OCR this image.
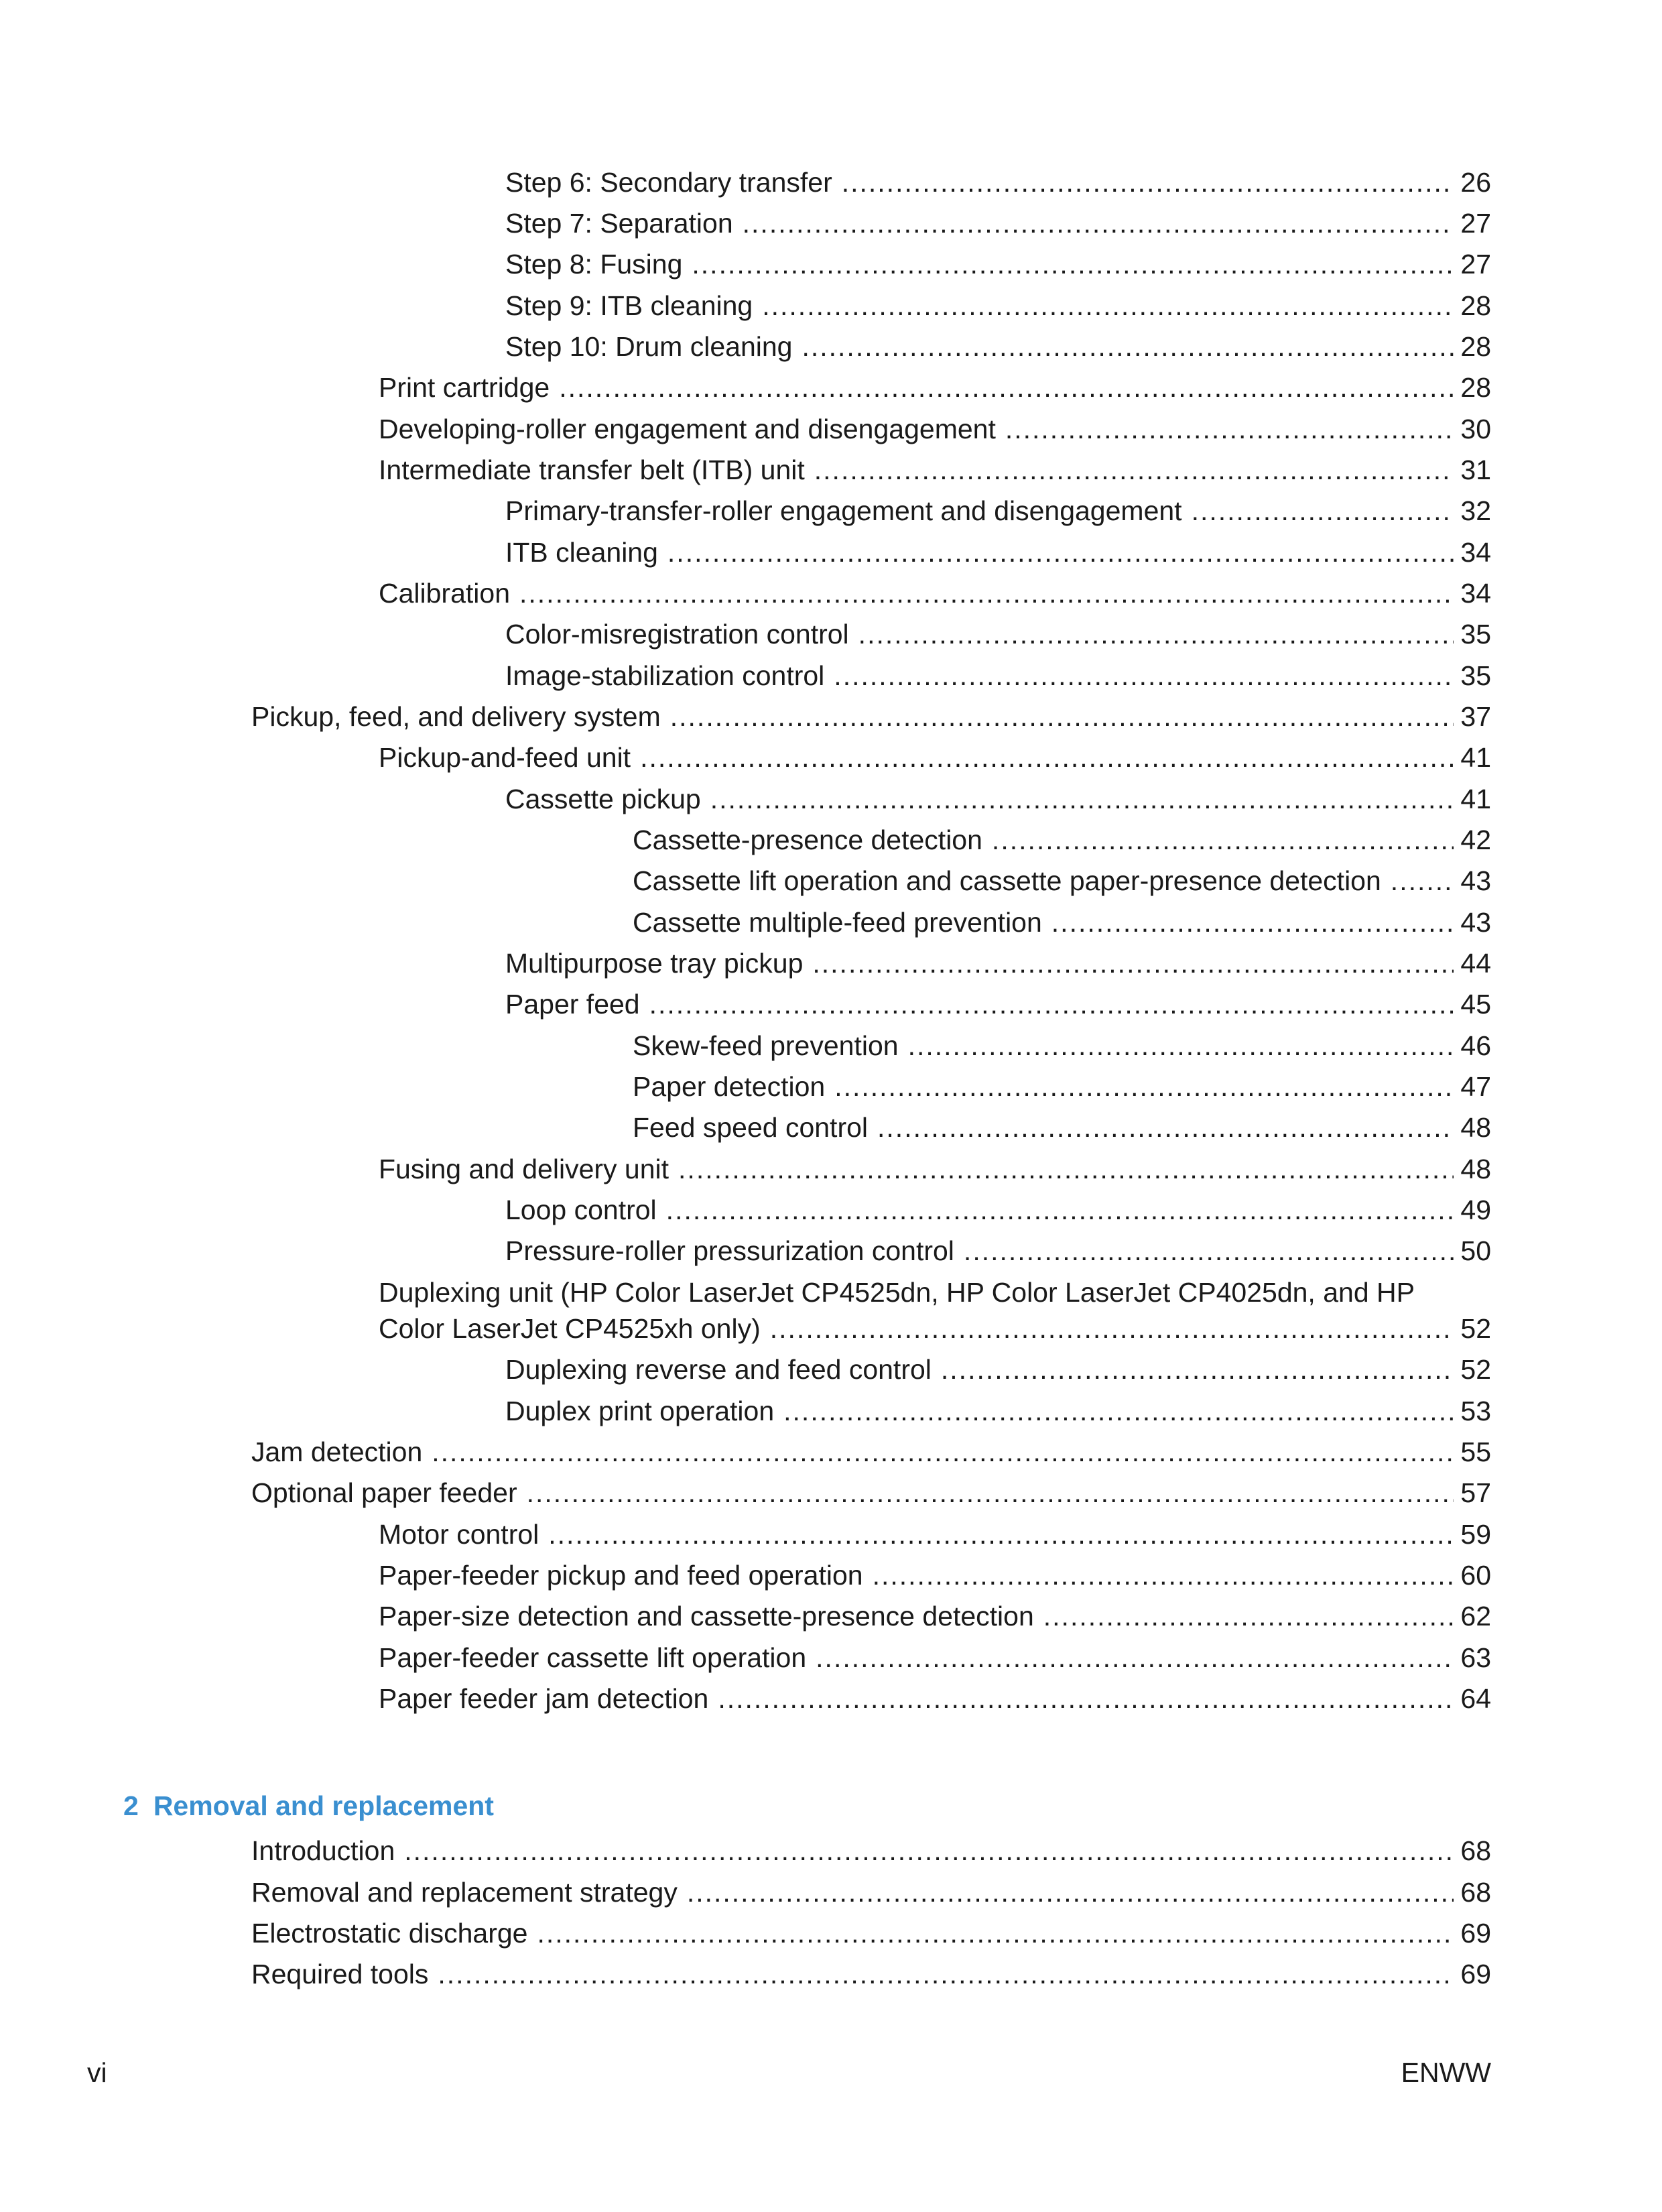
Step 6: Secondary transfer .....	26
Step 7: Separation .....	27
Step 8: Fusing .....	27
Step 9: ITB cleaning .....	28
Step 10: Drum cleaning .....	28
Print cartridge .....	28
Developing-roller engagement and disengagement .....	30
Intermediate transfer belt (ITB) unit .....	31
Primary-transfer-roller engagement and disengagement .....	32
ITB cleaning .....	34
Calibration .....	34
Color-misregistration control .....	35
Image-stabilization control .....	35
Pickup, feed, and delivery system .....	37
Pickup-and-feed unit .....	41
Cassette pickup .....	41
Cassette-presence detection .....	42
Cassette lift operation and cassette paper-presence detection .....	43
Cassette multiple-feed prevention .....	43
Multipurpose tray pickup .....	44
Paper feed .....	45
Skew-feed prevention .....	46
Paper detection .....	47
Feed speed control .....	48
Fusing and delivery unit .....	48
Loop control .....	49
Pressure-roller pressurization control .....	50
Duplexing unit (HP Color LaserJet CP4525dn, HP Color LaserJet CP4025dn, and HP
Color LaserJet CP4525xh only) .....	52
Duplexing reverse and feed control .....	52
Duplex print operation .....	53
Jam detection .....	55
Optional paper feeder .....	57
Motor control .....	59
Paper-feeder pickup and feed operation .....	60
Paper-size detection and cassette-presence detection .....	62
Paper-feeder cassette lift operation .....	63
Paper feeder jam detection .....	64
2 Removal and replacement
Introduction .....	68
Removal and replacement strategy .....	68
Electrostatic discharge .....	69
Required tools .....	69
vi	ENWW
